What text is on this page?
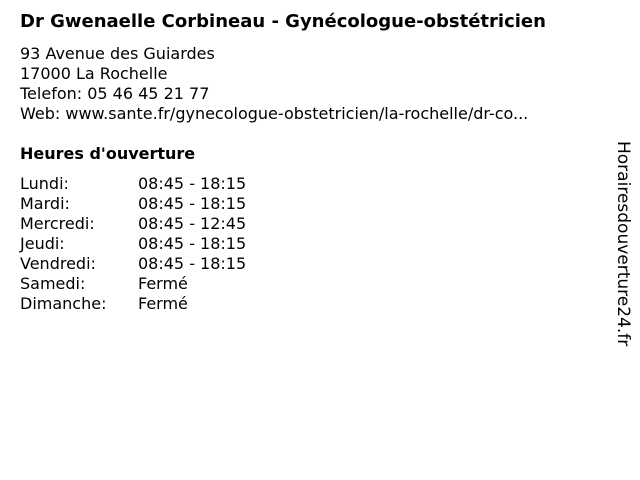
Dr Gwenaelle Corbineau - Gynécologue-obstétricien
93 Avenue des Guiardes
17000 La Rochelle
Telefon: 05 46 45 21 77
Web: www.sante.fr/gynecologue-obstetricien/la-rochelle/dr-co...
Heures d'ouverture
Lundi:	08:45 - 18:15
Mardi:	08:45 - 18:15
Mercredi:	08:45 - 12:45
Jeudi:	08:45 - 18:15
Vendredi:	08:45 - 18:15
Samedi:	Fermé
Dimanche:	Fermé	Horairesdouverture24.fr
